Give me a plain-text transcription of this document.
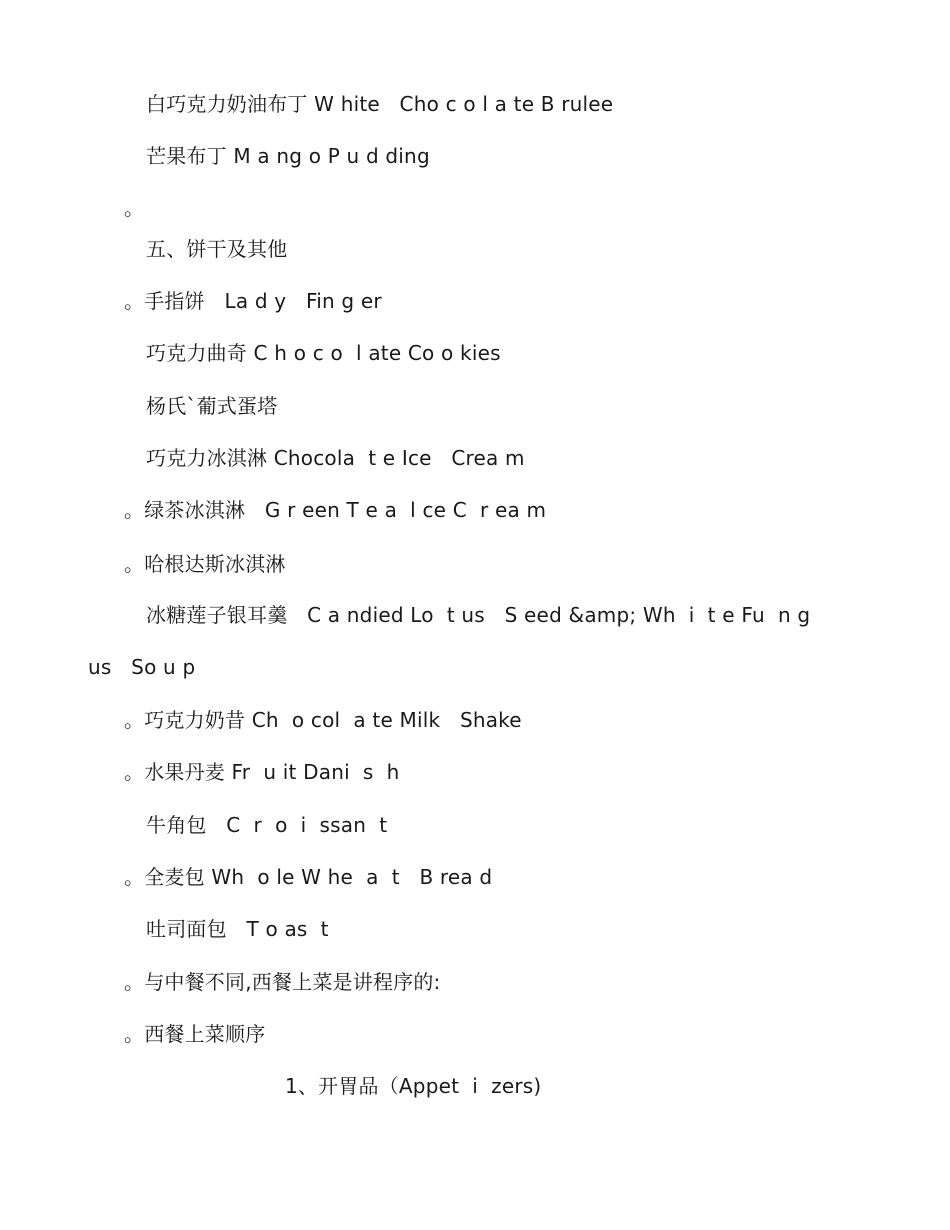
白巧克力奶油布丁 W hite   Cho c o l a te B rulee
芒果布丁 M a ng o P u d ding
。
五、饼干及其他
。手指饼   La d y   Fin g er
巧克力曲奇 C h o c o  l ate Co o kies
杨氏`葡式蛋塔
巧克力冰淇淋 Chocola  t e Ice   Crea m
。绿茶冰淇淋   G r een T e a  l ce C  r ea m
。哈根达斯冰淇淋
冰糖莲子银耳羹   C a ndied Lo  t us   S eed &amp; Wh  i  t e Fu  n g
us   So u p
。巧克力奶昔 Ch  o col  a te Milk   Shake
。水果丹麦 Fr  u it Dani  s  h
牛角包   C  r  o  i  ssan  t
。全麦包 Wh  o le W he  a  t   B rea d
吐司面包   T o as  t
。与中餐不同,西餐上菜是讲程序的:
。西餐上菜顺序
1、开胃品（Appet  i  zers)
